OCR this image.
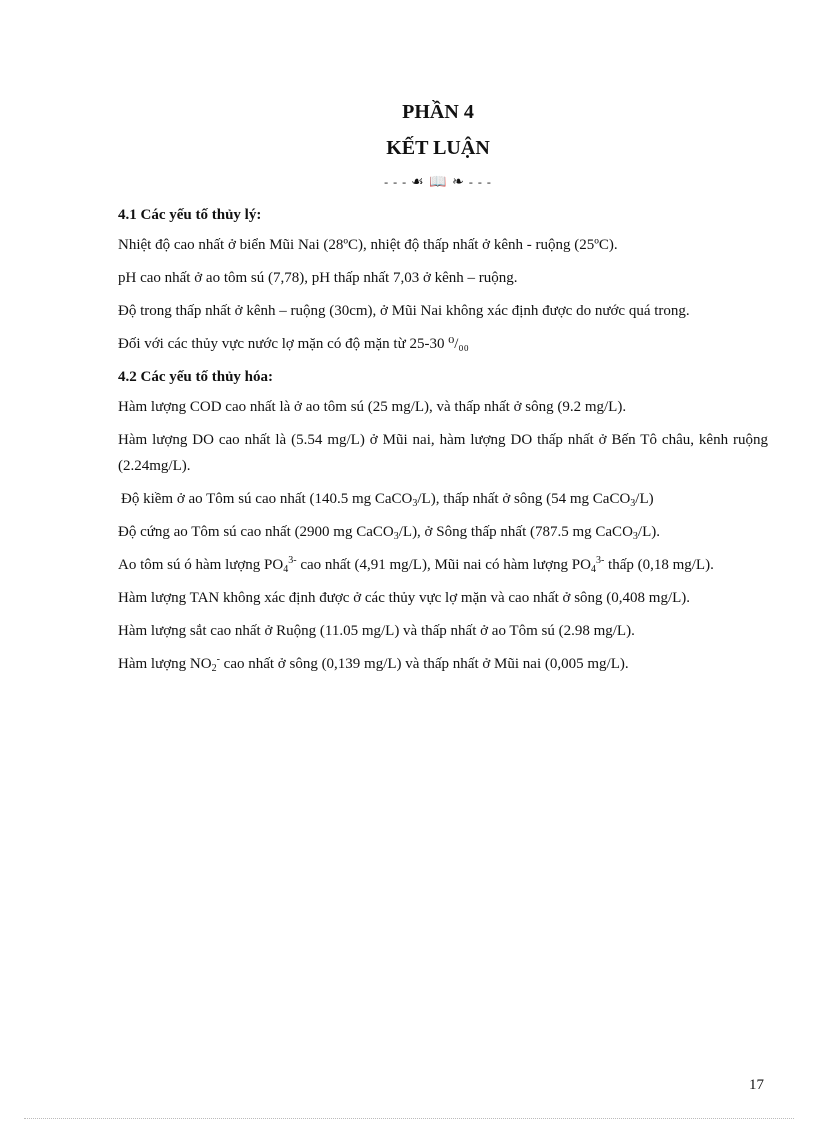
PHẦN 4
KẾT LUẬN
- - - ☙ 📖 ❧ - - -

4.1 Các yếu tố thủy lý:

Nhiệt độ cao nhất ở biển Mũi Nai (28ºC), nhiệt độ thấp nhất ở kênh - ruộng (25ºC).

pH cao nhất ở ao tôm sú (7,78), pH thấp nhất 7,03 ở kênh – ruộng.

Độ trong thấp nhất ở kênh – ruộng (30cm), ở Mũi Nai không xác định được do nước quá trong.

Đối với các thủy vực nước lợ mặn có độ mặn từ 25-30 ⁰/₀₀

4.2 Các yếu tố thủy hóa:

Hàm lượng COD cao nhất là ở ao tôm sú (25 mg/L), và thấp nhất ở sông (9.2 mg/L).

Hàm lượng DO cao nhất là (5.54 mg/L) ở Mũi nai, hàm lượng DO thấp nhất ở Bến Tô châu, kênh ruộng (2.24mg/L).

Độ kiềm ở ao Tôm sú cao nhất (140.5 mg CaCO$_3$/L), thấp nhất ở sông (54 mg CaCO$_3$/L)

Độ cứng ao Tôm sú cao nhất (2900 mg CaCO$_3$/L), ở Sông thấp nhất (787.5 mg CaCO$_3$/L).

Ao tôm sú ó hàm lượng $PO_4^{3-}$ cao nhất (4,91 mg/L), Mũi nai có hàm lượng $PO_4^{3-}$ thấp (0,18 mg/L).

Hàm lượng TAN không xác định được ở các thủy vực lợ mặn và cao nhất ở sông (0,408 mg/L).

Hàm lượng sắt cao nhất ở Ruộng (11.05 mg/L) và thấp nhất ở ao Tôm sú (2.98 mg/L).

Hàm lượng $NO_2^-$ cao nhất ở sông (0,139 mg/L) và thấp nhất ở Mũi nai (0,005 mg/L).

17
